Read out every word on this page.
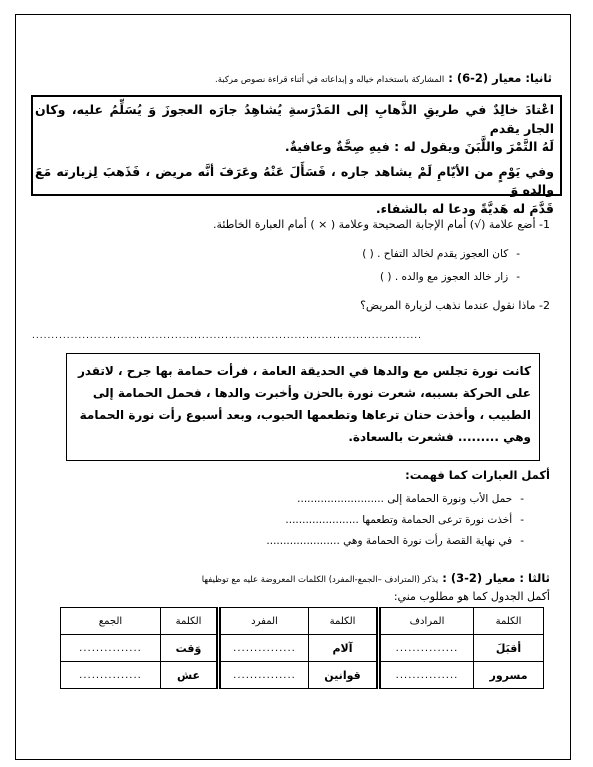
ثانيا: معيار (2-6) : المشاركة باستخدام خياله و إبداعاته في أثناء قراءة نصوص مركبة.
اعْتادَ خالِدٌ في طريقِ الذَّهابِ إلى المَدْرَسةِ يُشاهِدُ جارَه العجوزَ وَ يُسَلِّمُ عليه، وكان الجار يقدم
لَهُ التَّمْرَ واللَّبَنَ ويقول له : فيهِ صِحَّةٌ وعافيةٌ.
وفي يَوْمٍ من الأيّامِ لَمْ يشاهد جاره ، فَسَأَلَ عَنْهُ وعَرَفَ أنَّه مريض ، فَذَهبَ لِزيارته مَعَ والده وَ
قَدَّمَ له هَديَّةً ودعا له بالشفاء.
1- أضع علامة (√) أمام الإجابة الصحيحة وعلامة ( × ) أمام العبارة الخاطئة.
-كان العجوز يقدم لخالد التفاح . ( )
-زار خالد العجوز مع والده . ( )
2- ماذا نقول عندما نذهب لزيارة المريض؟
.....................................................................................................
كانت نورة تجلس مع والدها في الحديقة العامة ، فرأت حمامة بها جرح ، لاتقدر
على الحركة بسببه، شعرت نورة بالحزن وأخبرت والدها ، فحمل الحمامة إلى
الطبيب ، وأخذت حنان ترعاها وتطعمها الحبوب، وبعد أسبوع رأت نورة الحمامة
وهي ......... فشعرت بالسعادة.
أكمل العبارات كما فهمت:
-حمل الأب ونورة الحمامة إلى ..........................
-أخذت نورة ترعى الحمامة وتطعمها ......................
-في نهاية القصة رأت نورة الحمامة وهي ......................
ثالثا : معيار (2-3) : يذكر (المترادف –الجمع-المفرد) الكلمات المعروضة عليه مع توظيفها
أكمل الجدول كما هو مطلوب مني:
الكلمة	المرادف	الكلمة	المفرد	الكلمة	الجمع
أقبَلَ	...............	آلام	...............	وَقت	...............
مسرور	...............	قوانين	...............	عش	...............
